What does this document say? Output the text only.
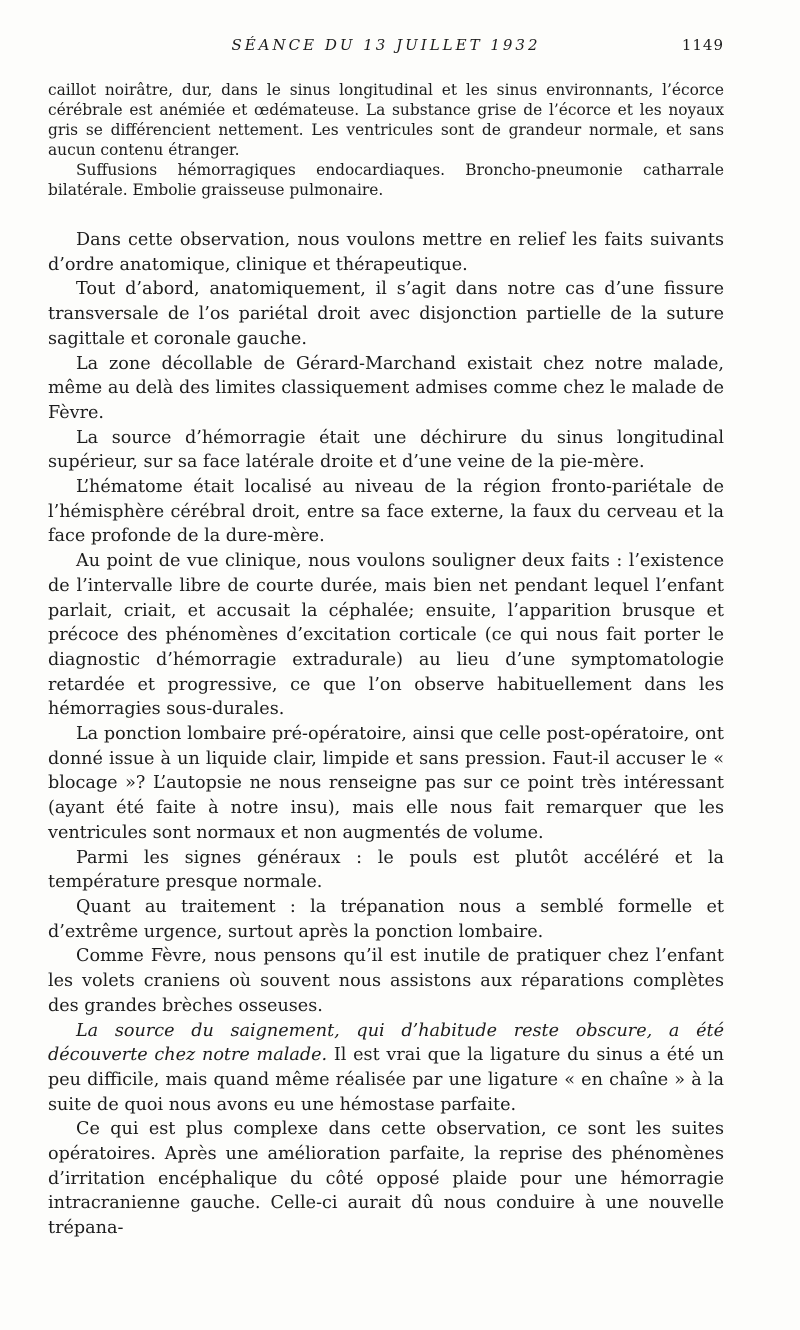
SÉANCE DU 13 JUILLET 1932	1149

caillot noirâtre, dur, dans le sinus longitudinal et les sinus environnants, l’écorce cérébrale est anémiée et œdémateuse. La substance grise de l’écorce et les noyaux gris se différencient nettement. Les ventricules sont de grandeur normale, et sans aucun contenu étranger.

Suffusions hémorragiques endocardiaques. Broncho-pneumonie catharrale bilatérale. Embolie graisseuse pulmonaire.

Dans cette observation, nous voulons mettre en relief les faits suivants d’ordre anatomique, clinique et thérapeutique.

Tout d’abord, anatomiquement, il s’agit dans notre cas d’une fissure transversale de l’os pariétal droit avec disjonction partielle de la suture sagittale et coronale gauche.

La zone décollable de Gérard-Marchand existait chez notre malade, même au delà des limites classiquement admises comme chez le malade de Fèvre.

La source d’hémorragie était une déchirure du sinus longitudinal supérieur, sur sa face latérale droite et d’une veine de la pie-mère.

L’hématome était localisé au niveau de la région fronto-pariétale de l’hémisphère cérébral droit, entre sa face externe, la faux du cerveau et la face profonde de la dure-mère.

Au point de vue clinique, nous voulons souligner deux faits : l’existence de l’intervalle libre de courte durée, mais bien net pendant lequel l’enfant parlait, criait, et accusait la céphalée; ensuite, l’apparition brusque et précoce des phénomènes d’excitation corticale (ce qui nous fait porter le diagnostic d’hémorragie extradurale) au lieu d’une symptomatologie retardée et progressive, ce que l’on observe habituellement dans les hémorragies sous-durales.

La ponction lombaire pré-opératoire, ainsi que celle post-opératoire, ont donné issue à un liquide clair, limpide et sans pression. Faut-il accuser le « blocage »? L’autopsie ne nous renseigne pas sur ce point très intéressant (ayant été faite à notre insu), mais elle nous fait remarquer que les ventricules sont normaux et non augmentés de volume.

Parmi les signes généraux : le pouls est plutôt accéléré et la température presque normale.

Quant au traitement : la trépanation nous a semblé formelle et d’extrême urgence, surtout après la ponction lombaire.

Comme Fèvre, nous pensons qu’il est inutile de pratiquer chez l’enfant les volets craniens où souvent nous assistons aux réparations complètes des grandes brèches osseuses.

La source du saignement, qui d’habitude reste obscure, a été découverte chez notre malade. Il est vrai que la ligature du sinus a été un peu difficile, mais quand même réalisée par une ligature « en chaîne » à la suite de quoi nous avons eu une hémostase parfaite.

Ce qui est plus complexe dans cette observation, ce sont les suites opératoires. Après une amélioration parfaite, la reprise des phénomènes d’irritation encéphalique du côté opposé plaide pour une hémorragie intracranienne gauche. Celle-ci aurait dû nous conduire à une nouvelle trépana-
